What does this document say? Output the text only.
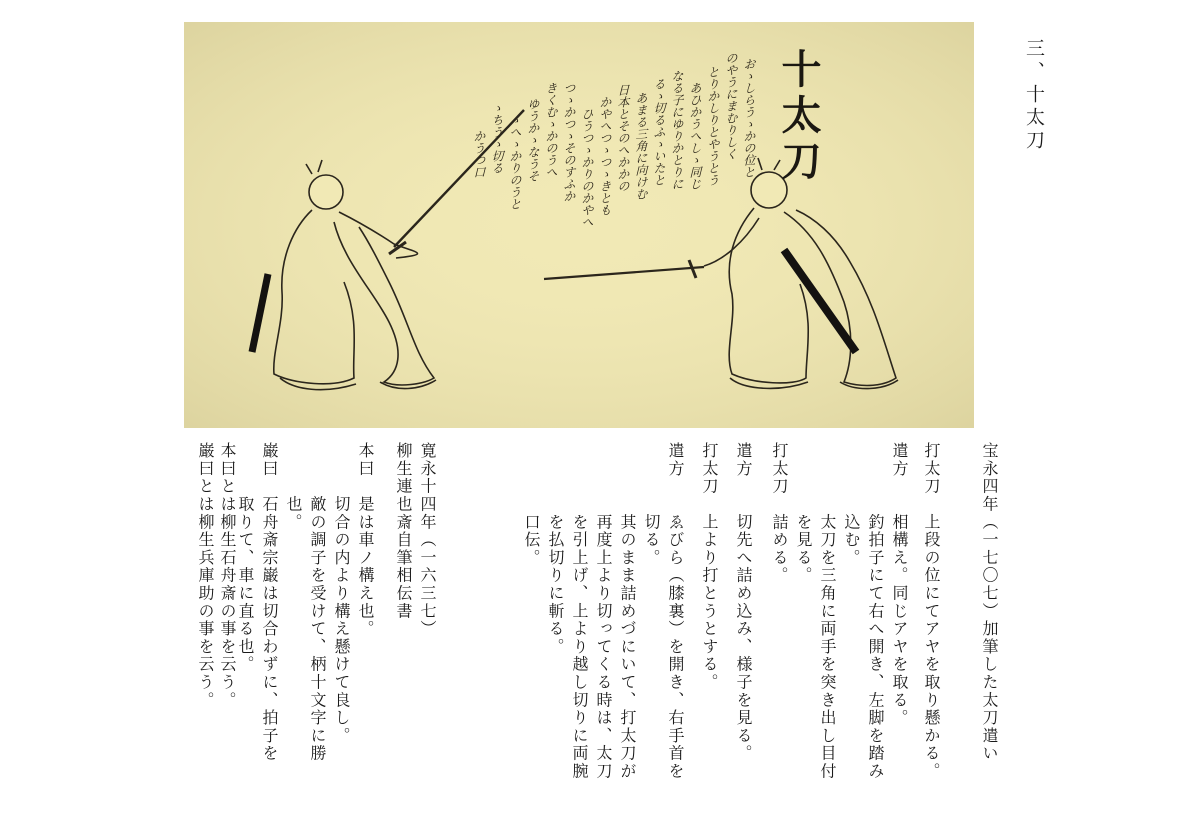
三、十太刀
十太刀
おゝしらうゝかの位と
のやうにまむりしく
とりかしりとやうとう
あひかうへしゝ同じ
なる子にゆりかとりに
るゝ切るふゝいたと
あまる三角に向けむ
日本とそのへかかの
かやへつゝつゝきとも
ひうつゝかりのかやへ
つゝかつゝそのすふか
きくむゝかのうへ
ゆうかゝなうそ
ゝへゝかりのうと
ゝちうゝ切る
かうつ口
宝永四年（一七〇七）加筆した太刀遣い
打太刀　上段の位にてアヤを取り懸かる。
遣方　　相構え。同じアヤを取る。
　　　　釣拍子にて右へ開き、左脚を踏み
　　　　込む。
　　　　太刀を三角に両手を突き出し目付
　　　　を見る。
打太刀　詰める。
遣方　　切先へ詰め込み、様子を見る。
打太刀　上より打とうとする。
遣方　　ゑびら（膝裏）を開き、右手首を
　　　　切る。
　　　　其のまま詰めづにいて、打太刀が
　　　　再度上より切ってくる時は、太刀
　　　　を引上げ、上より越し切りに両腕
　　　　を払切りに斬る。
　　　　口伝。
寛永十四年（一六三七）
柳生連也斎自筆相伝書
本曰　是は車ノ構え也。
　　　切合の内より構え懸けて良し。
　　　敵の調子を受けて、柄十文字に勝
　　　也。
巌曰　石舟斎宗巌は切合わずに、拍子を
　　　取りて、車に直る也。
本曰とは柳生石舟斎の事を云う。
巌曰とは柳生兵庫助の事を云う。
